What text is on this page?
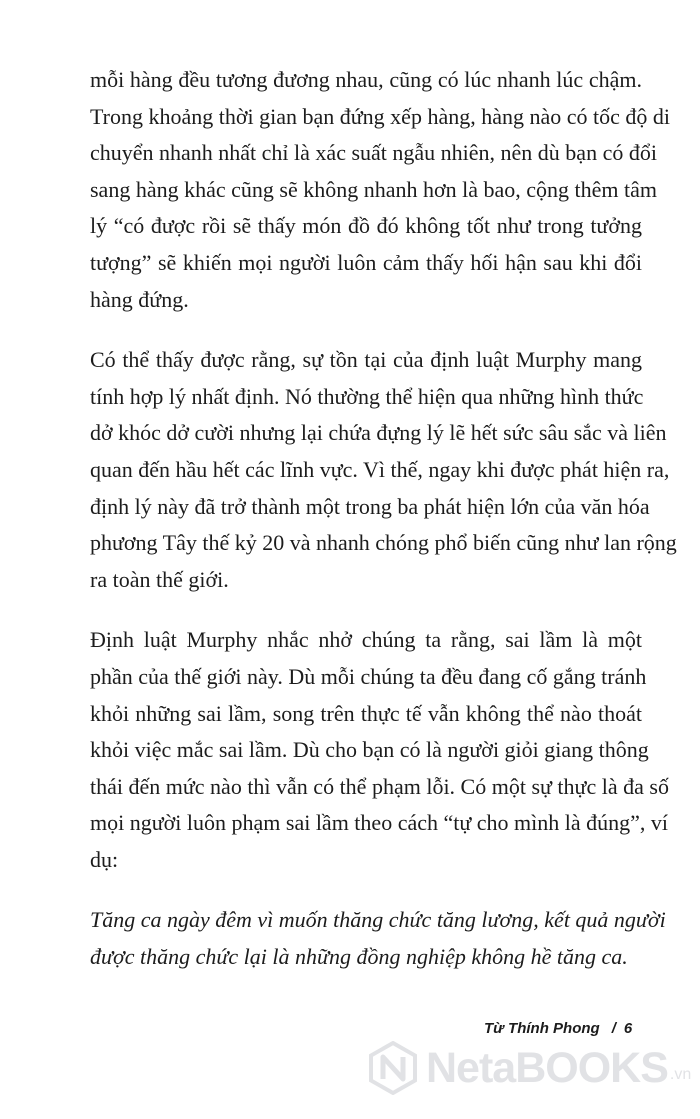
mỗi hàng đều tương đương nhau, cũng có lúc nhanh lúc chậm.
Trong khoảng thời gian bạn đứng xếp hàng, hàng nào có tốc độ di
chuyển nhanh nhất chỉ là xác suất ngẫu nhiên, nên dù bạn có đổi
sang hàng khác cũng sẽ không nhanh hơn là bao, cộng thêm tâm
lý “có được rồi sẽ thấy món đồ đó không tốt như trong tưởng
tượng” sẽ khiến mọi người luôn cảm thấy hối hận sau khi đổi
hàng đứng.

Có thể thấy được rằng, sự tồn tại của định luật Murphy mang
tính hợp lý nhất định. Nó thường thể hiện qua những hình thức
dở khóc dở cười nhưng lại chứa đựng lý lẽ hết sức sâu sắc và liên
quan đến hầu hết các lĩnh vực. Vì thế, ngay khi được phát hiện ra,
định lý này đã trở thành một trong ba phát hiện lớn của văn hóa
phương Tây thế kỷ 20 và nhanh chóng phổ biến cũng như lan rộng
ra toàn thế giới.

Định luật Murphy nhắc nhở chúng ta rằng, sai lầm là một
phần của thế giới này. Dù mỗi chúng ta đều đang cố gắng tránh
khỏi những sai lầm, song trên thực tế vẫn không thể nào thoát
khỏi việc mắc sai lầm. Dù cho bạn có là người giỏi giang thông
thái đến mức nào thì vẫn có thể phạm lỗi. Có một sự thực là đa số
mọi người luôn phạm sai lầm theo cách “tự cho mình là đúng”, ví
dụ:

Tăng ca ngày đêm vì muốn thăng chức tăng lương, kết quả người
được thăng chức lại là những đồng nghiệp không hề tăng ca.

Từ Thính Phong / 6
NetaBOOKS .vn
